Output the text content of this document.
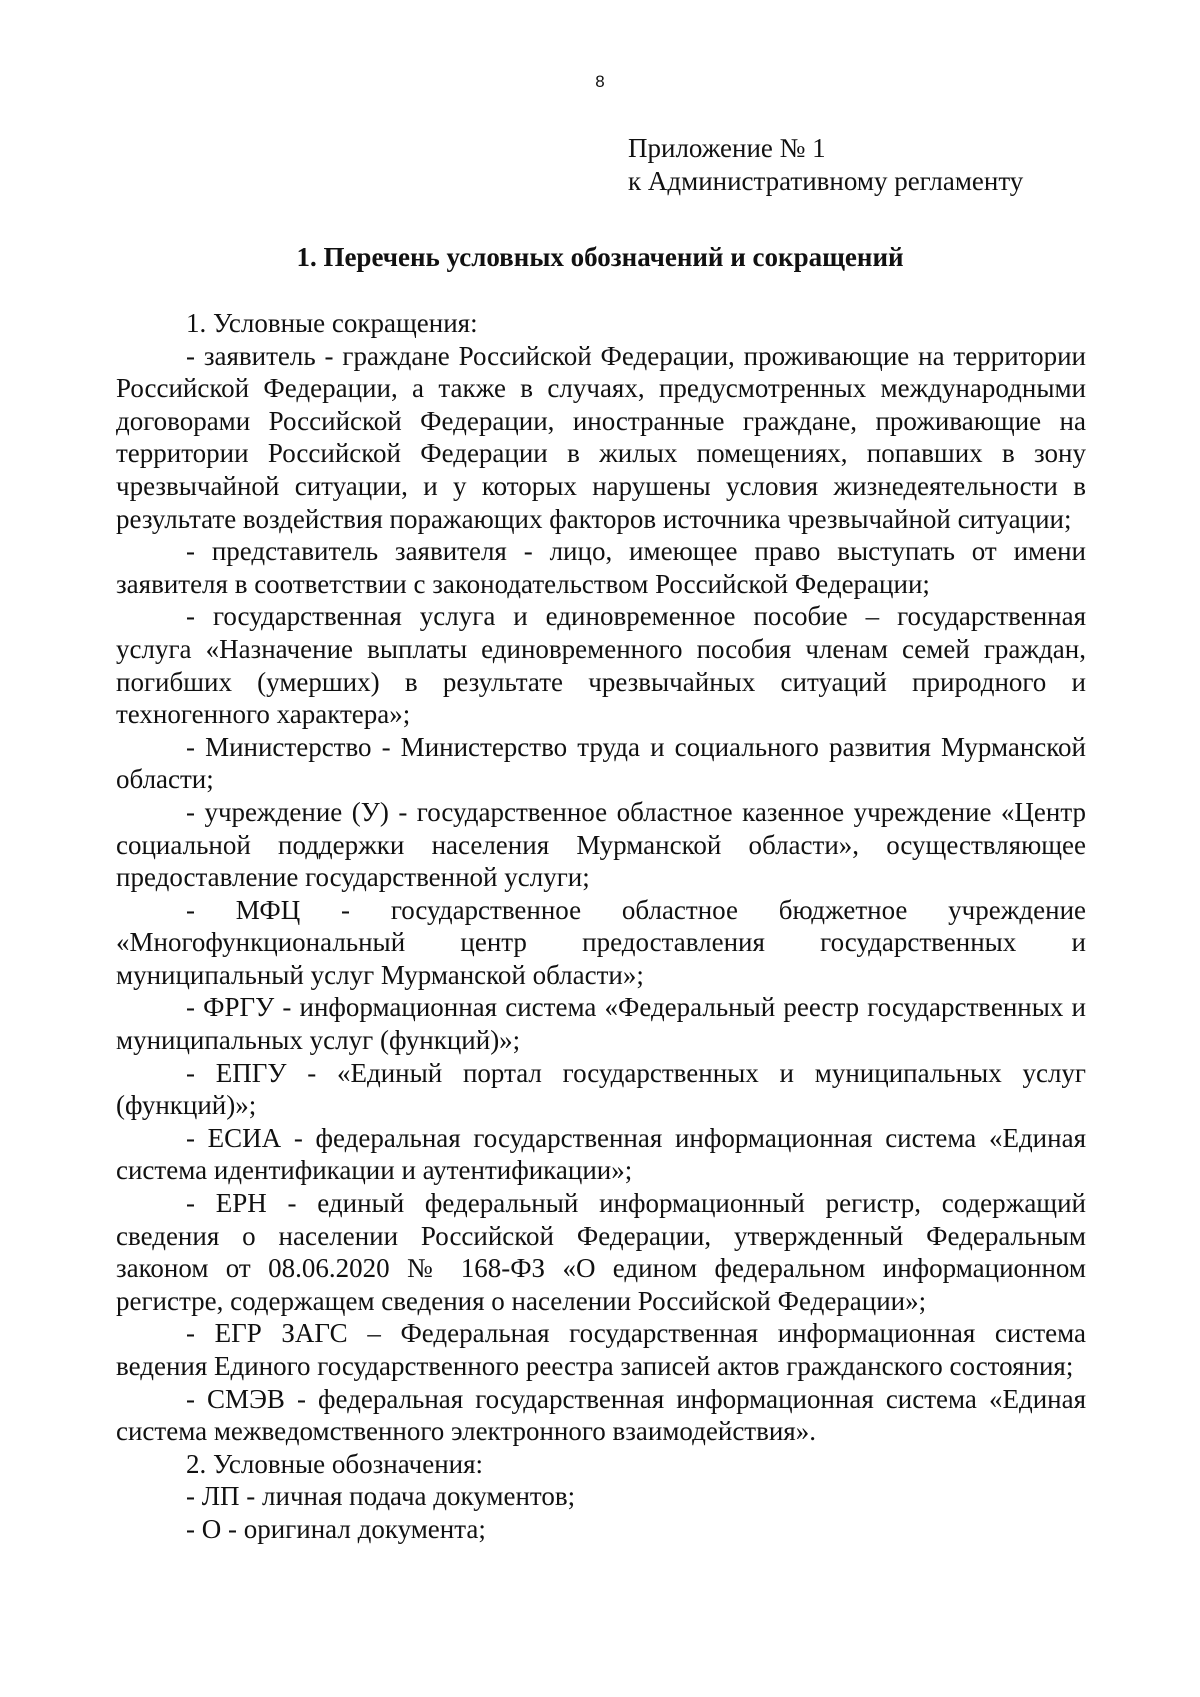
8
Приложение № 1
к Административному регламенту
1. Перечень условных обозначений и сокращений

1. Условные сокращения:

- заявитель - граждане Российской Федерации, проживающие на территории Российской Федерации, а также в случаях, предусмотренных международными договорами Российской Федерации, иностранные граждане, проживающие на территории Российской Федерации в жилых помещениях, попавших в зону чрезвычайной ситуации, и у которых нарушены условия жизнедеятельности в результате воздействия поражающих факторов источника чрезвычайной ситуации;

- представитель заявителя - лицо, имеющее право выступать от имени заявителя в соответствии с законодательством Российской Федерации;

- государственная услуга и единовременное пособие – государственная услуга «Назначение выплаты единовременного пособия членам семей граждан, погибших (умерших) в результате чрезвычайных ситуаций природного и техногенного характера»;

- Министерство - Министерство труда и социального развития Мурманской области;

- учреждение (У) - государственное областное казенное учреждение «Центр социальной поддержки населения Мурманской области», осуществляющее предоставление государственной услуги;

- МФЦ - государственное областное бюджетное учреждение «Многофункциональный центр предоставления государственных и муниципальный услуг Мурманской области»;

- ФРГУ - информационная система «Федеральный реестр государственных и муниципальных услуг (функций)»;

- ЕПГУ - «Единый портал государственных и муниципальных услуг (функций)»;

- ЕСИА - федеральная государственная информационная система «Единая система идентификации и аутентификации»;

- ЕРН - единый федеральный информационный регистр, содержащий сведения о населении Российской Федерации, утвержденный Федеральным законом от 08.06.2020 № 168-ФЗ «О едином федеральном информационном регистре, содержащем сведения о населении Российской Федерации»;

- ЕГР ЗАГС – Федеральная государственная информационная система ведения Единого государственного реестра записей актов гражданского состояния;

- СМЭВ - федеральная государственная информационная система «Единая система межведомственного электронного взаимодействия».

2. Условные обозначения:

- ЛП - личная подача документов;

- О - оригинал документа;
